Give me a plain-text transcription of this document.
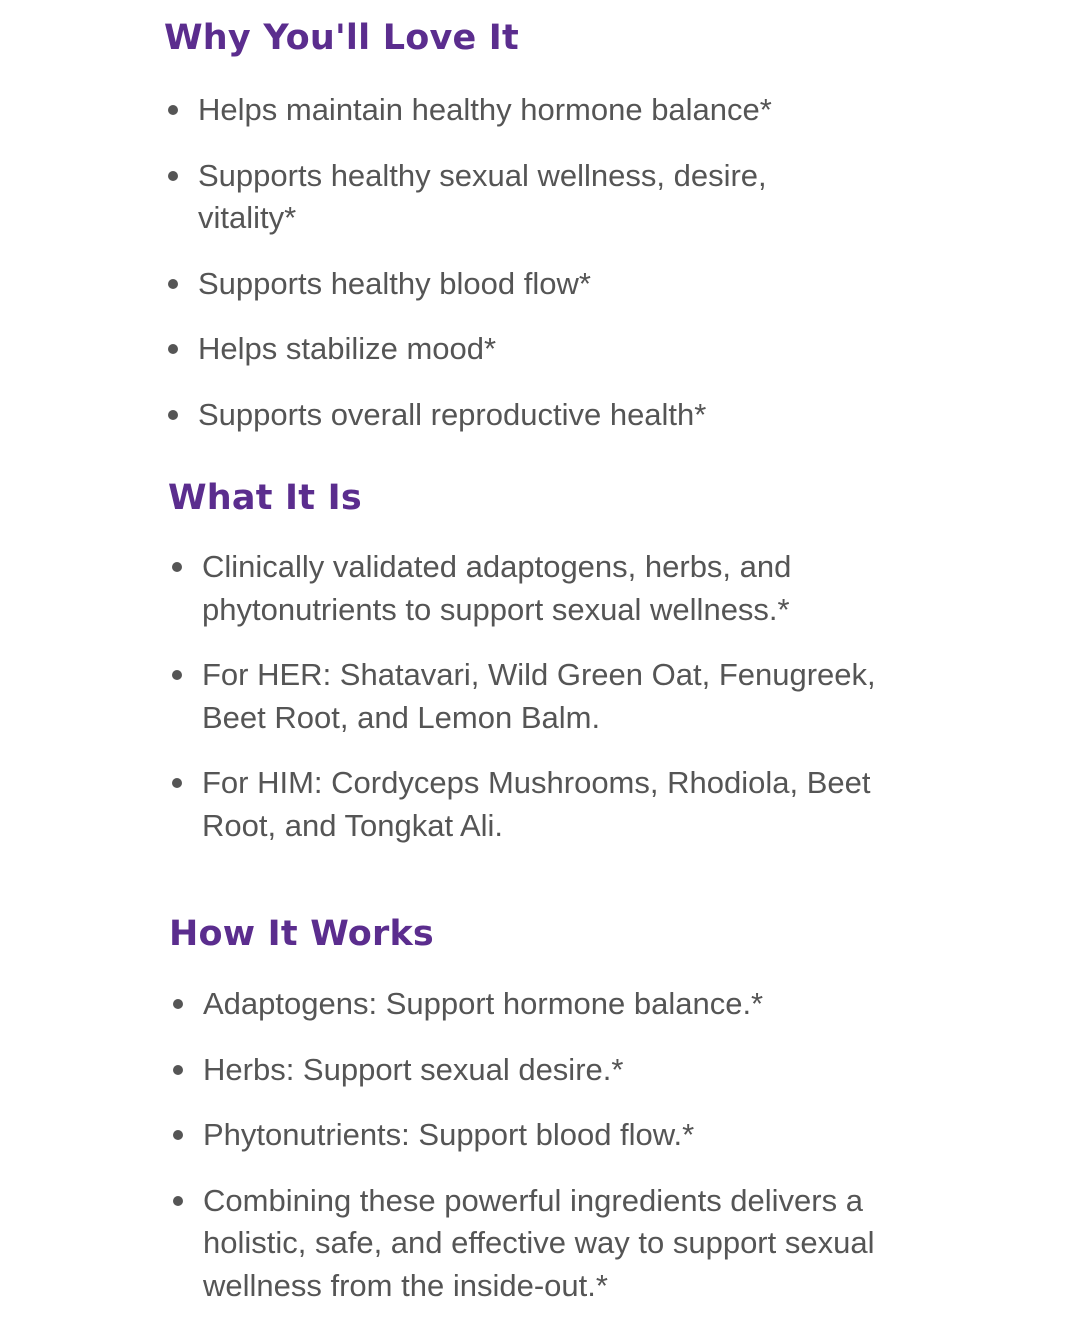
Why You'll Love It
Helps maintain healthy hormone balance*
Supports healthy sexual wellness, desire, vitality*
Supports healthy blood flow*
Helps stabilize mood*
Supports overall reproductive health*
What It Is
Clinically validated adaptogens, herbs, and phytonutrients to support sexual wellness.*
For HER: Shatavari, Wild Green Oat, Fenugreek, Beet Root, and Lemon Balm.
For HIM: Cordyceps Mushrooms, Rhodiola, Beet Root, and Tongkat Ali.
How It Works
Adaptogens: Support hormone balance.*
Herbs: Support sexual desire.*
Phytonutrients: Support blood flow.*
Combining these powerful ingredients delivers a holistic, safe, and effective way to support sexual wellness from the inside-out.*
